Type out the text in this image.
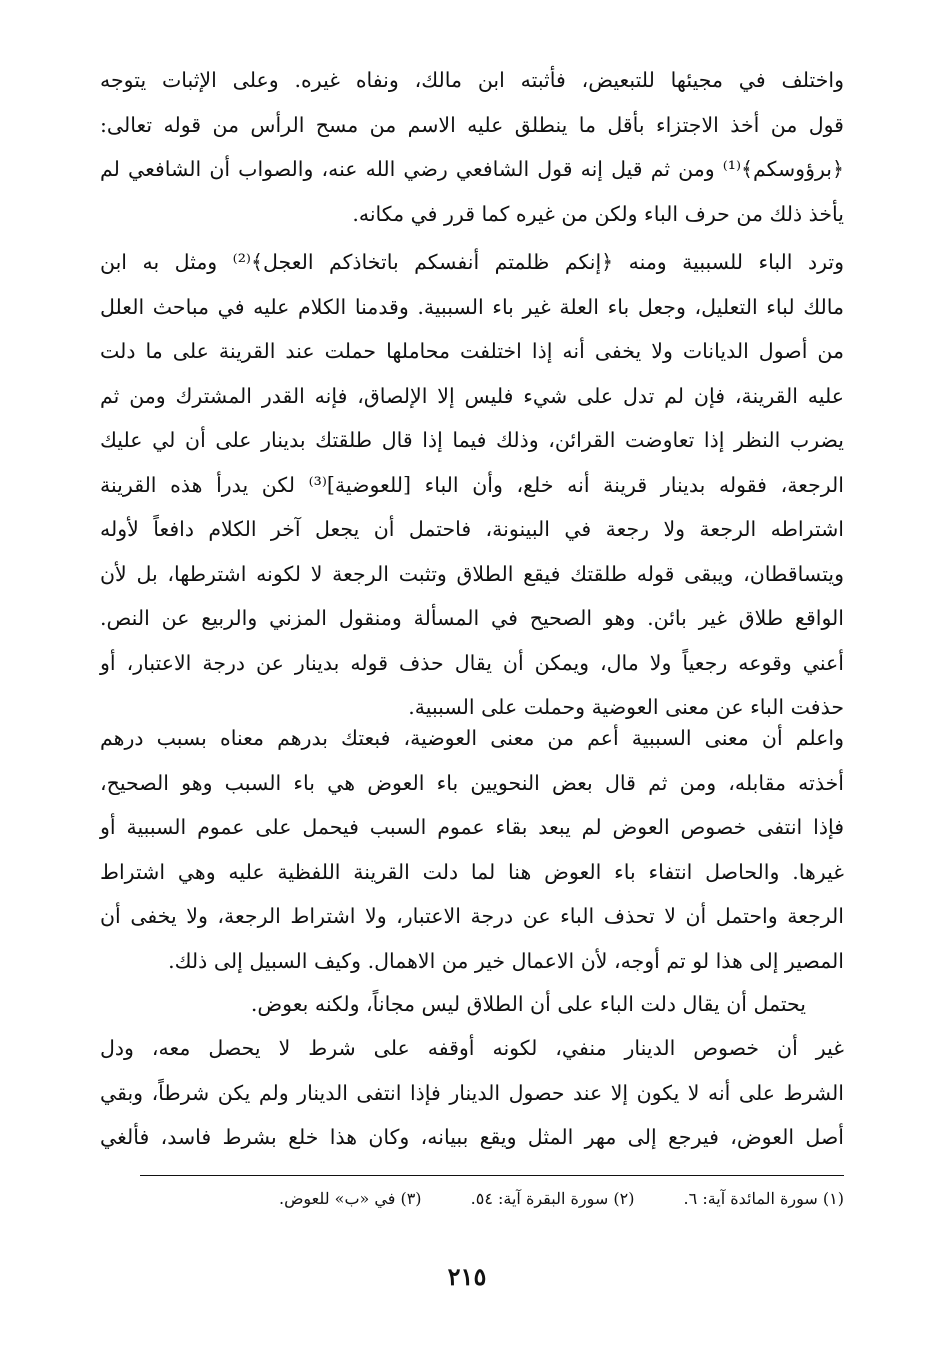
واختلف في مجيئها للتبعيض، فأثبته ابن مالك، ونفاه غيره. وعلى الإثبات يتوجه
قول من أخذ الاجتزاء بأقل ما ينطلق عليه الاسم من مسح الرأس من قوله تعالى:
﴿برؤوسكم﴾⁽¹⁾ ومن ثم قيل إنه قول الشافعي رضي الله عنه، والصواب أن الشافعي لم
يأخذ ذلك من حرف الباء ولكن من غيره كما قرر في مكانه.

وترد الباء للسببية ومنه ﴿إنكم ظلمتم أنفسكم باتخاذكم العجل﴾⁽²⁾ ومثل به ابن
مالك لباء التعليل، وجعل باء العلة غير باء السببية. وقدمنا الكلام عليه في مباحث العلل
من أصول الديانات ولا يخفى أنه إذا اختلفت محاملها حملت عند القرينة على ما دلت
عليه القرينة، فإن لم تدل على شيء فليس إلا الإلصاق، فإنه القدر المشترك ومن ثم
يضرب النظر إذا تعاوضت القرائن، وذلك فيما إذا قال طلقتك بدينار على أن لي عليك
الرجعة، فقوله بدينار قرينة أنه خلع، وأن الباء [للعوضية]⁽³⁾ لكن يدرأ هذه القرينة
اشتراطه الرجعة ولا رجعة في البينونة، فاحتمل أن يجعل آخر الكلام دافعاً لأوله
ويتساقطان، ويبقى قوله طلقتك فيقع الطلاق وتثبت الرجعة لا لكونه اشترطها، بل لأن
الواقع طلاق غير بائن. وهو الصحيح في المسألة ومنقول المزني والربيع عن النص.
أعني وقوعه رجعياً ولا مال، ويمكن أن يقال حذف قوله بدينار عن درجة الاعتبار، أو
حذفت الباء عن معنى العوضية وحملت على السببية.

واعلم أن معنى السببية أعم من معنى العوضية، فبعتك بدرهم معناه بسبب درهم
أخذته مقابله، ومن ثم قال بعض النحويين باء العوض هي باء السبب وهو الصحيح،
فإذا انتفى خصوص العوض لم يبعد بقاء عموم السبب فيحمل على عموم السببية أو
غيرها. والحاصل انتفاء باء العوض هنا لما دلت القرينة اللفظية عليه وهي اشتراط
الرجعة واحتمل أن لا تحذف الباء عن درجة الاعتبار، ولا اشتراط الرجعة، ولا يخفى أن
المصير إلى هذا لو تم أوجه، لأن الاعمال خير من الاهمال. وكيف السبيل إلى ذلك.

يحتمل أن يقال دلت الباء على أن الطلاق ليس مجاناً، ولكنه بعوض.

غير أن خصوص الدينار منفي، لكونه أوقفه على شرط لا يحصل معه، ودل
الشرط على أنه لا يكون إلا عند حصول الدينار فإذا انتفى الدينار ولم يكن شرطاً، وبقي
أصل العوض، فيرجع إلى مهر المثل ويقع ببيانه، وكان هذا خلع بشرط فاسد، فألغي

(١) سورة المائدة آية: ٦. (٢) سورة البقرة آية: ٥٤. (٣) في «ب» للعوض.
٢١٥
